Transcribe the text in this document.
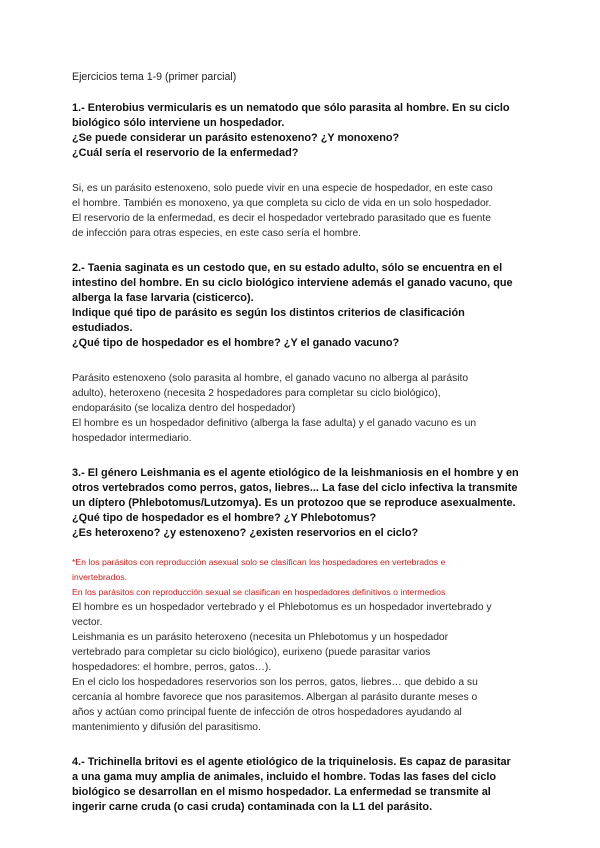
Ejercicios tema 1-9 (primer parcial)
1.- Enterobius vermicularis es un nematodo que sólo parasita al hombre. En su ciclo
biológico sólo interviene un hospedador.
¿Se puede considerar un parásito estenoxeno? ¿Y monoxeno?
¿Cuál sería el reservorio de la enfermedad?
Si, es un parásito estenoxeno, solo puede vivir en una especie de hospedador, en este caso
el hombre. También es monoxeno, ya que completa su ciclo de vida en un solo hospedador.
El reservorio de la enfermedad, es decir el hospedador vertebrado parasitado que es fuente
de infección para otras especies, en este caso sería el hombre.
2.- Taenia saginata es un cestodo que, en su estado adulto, sólo se encuentra en el
intestino del hombre. En su ciclo biológico interviene además el ganado vacuno, que
alberga la fase larvaria (cisticerco).
Indique qué tipo de parásito es según los distintos criterios de clasificación
estudiados.
¿Qué tipo de hospedador es el hombre? ¿Y el ganado vacuno?
Parásito estenoxeno (solo parasita al hombre, el ganado vacuno no alberga al parásito
adulto), heteroxeno (necesita 2 hospedadores para completar su ciclo biológico),
endoparásito (se localiza dentro del hospedador)
El hombre es un hospedador definitivo (alberga la fase adulta) y el ganado vacuno es un
hospedador intermediario.
3.- El género Leishmania es el agente etiológico de la leishmaniosis en el hombre y en
otros vertebrados como perros, gatos, liebres... La fase del ciclo infectiva la transmite
un díptero (Phlebotomus/Lutzomya). Es un protozoo que se reproduce asexualmente.
¿Qué tipo de hospedador es el hombre? ¿Y Phlebotomus?
¿Es heteroxeno? ¿y estenoxeno? ¿existen reservorios en el ciclo?
*En los parásitos con reproducción asexual solo se clasifican los hospedadores en vertebrados e
invertebrados.
En los parásitos con reproducción sexual se clasifican en hospedadores definitivos o intermedios
El hombre es un hospedador vertebrado y el Phlebotomus es un hospedador invertebrado y
vector.
Leishmania es un parásito heteroxeno (necesita un Phlebotomus y un hospedador
vertebrado para completar su ciclo biológico), eurixeno (puede parasitar varios
hospedadores: el hombre, perros, gatos…).
En el ciclo los hospedadores reservorios son los perros, gatos, liebres… que debido a su
cercanía al hombre favorece que nos parasitemos. Albergan al parásito durante meses o
años y actúan como principal fuente de infección de otros hospedadores ayudando al
mantenimiento y difusión del parasitismo.
4.- Trichinella britovi es el agente etiológico de la triquinelosis. Es capaz de parasitar
a una gama muy amplia de animales, incluido el hombre. Todas las fases del ciclo
biológico se desarrollan en el mismo hospedador. La enfermedad se transmite al
ingerir carne cruda (o casi cruda) contaminada con la L1 del parásito.
